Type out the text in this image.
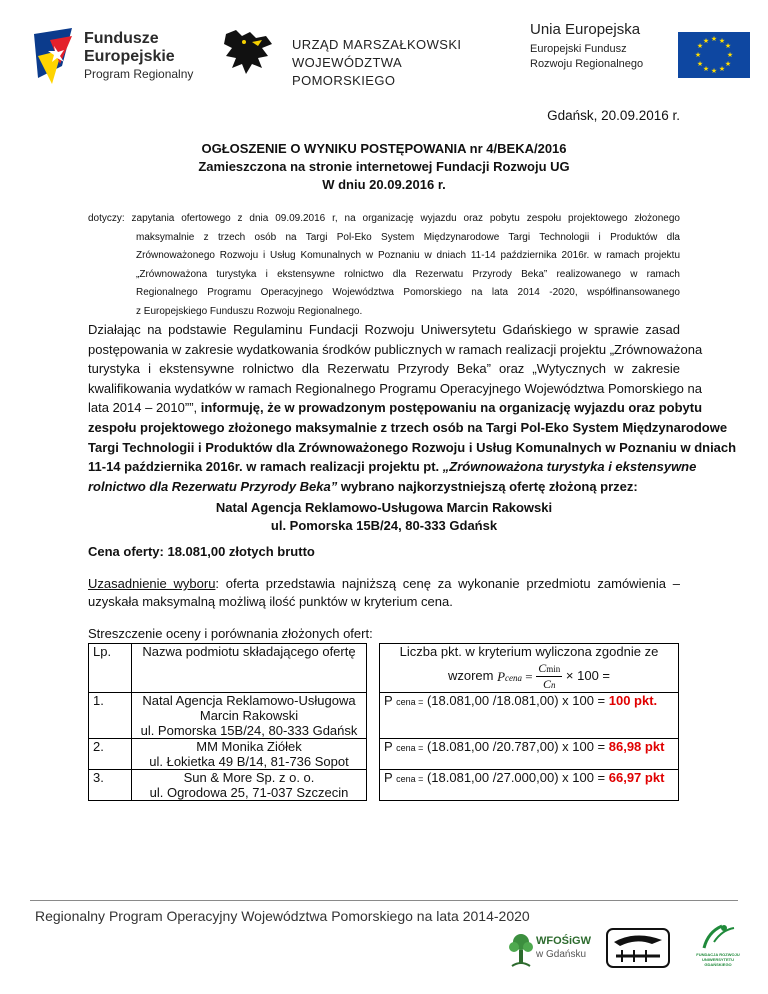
Fundusze
Europejskie
Program Regionalny
URZĄD MARSZAŁKOWSKI
WOJEWÓDZTWA POMORSKIEGO
Unia Europejska
Europejski Fundusz
Rozwoju Regionalnego
★ ★
★
★
★
★
★
★
★
★
★
★
Gdańsk, 20.09.2016 r.
OGŁOSZENIE O WYNIKU POSTĘPOWANIA nr 4/BEKA/2016
Zamieszczona na stronie internetowej Fundacji Rozwoju UG
W dniu 20.09.2016 r.
dotyczy: zapytania ofertowego z dnia 09.09.2016 r, na organizację wyjazdu oraz pobytu zespołu projektowego złożonego
maksymalnie z trzech osób na Targi Pol-Eko System Międzynarodowe Targi Technologii i Produktów dla
Zrównoważonego Rozwoju i Usług Komunalnych w Poznaniu w dniach 11-14 października 2016r. w ramach projektu
„Zrównoważona turystyka i ekstensywne rolnictwo dla Rezerwatu Przyrody Beka” realizowanego w ramach
Regionalnego Programu Operacyjnego Województwa Pomorskiego na lata 2014 -2020, współfinansowanego
z Europejskiego Funduszu Rozwoju Regionalnego.
Działając na podstawie Regulaminu Fundacji Rozwoju Uniwersytetu Gdańskiego w sprawie zasad
postępowania w zakresie wydatkowania środków publicznych w ramach realizacji projektu „Zrównoważona
turystyka i ekstensywne rolnictwo dla Rezerwatu Przyrody Beka” oraz „Wytycznych w zakresie
kwalifikowania wydatków w ramach Regionalnego Programu Operacyjnego Województwa Pomorskiego na
lata 2014 – 2010””, informuję, że w prowadzonym postępowaniu na organizację wyjazdu oraz pobytu
zespołu projektowego złożonego maksymalnie z trzech osób na Targi Pol-Eko System Międzynarodowe
Targi Technologii i Produktów dla Zrównoważonego Rozwoju i Usług Komunalnych w Poznaniu w dniach
11-14 października 2016r. w ramach realizacji projektu pt. „Zrównoważona turystyka i ekstensywne
rolnictwo dla Rezerwatu Przyrody Beka” wybrano najkorzystniejszą ofertę złożoną przez:
Natal Agencja Reklamowo-Usługowa Marcin Rakowski
ul. Pomorska 15B/24, 80-333 Gdańsk
Cena oferty: 18.081,00 złotych brutto
Uzasadnienie wyboru: oferta przedstawia najniższą cenę za wykonanie przedmiotu zamówienia –
uzyskała maksymalną możliwą ilość punktów w kryterium cena.
Streszczenie oceny i porównania złożonych ofert:
Lp.	Nazwa podmiotu składającego ofertę		Liczba pkt. w kryterium wyliczona zgodnie ze
wzorem Pcena = $\frac{Cmin}{Cn} \times 100$ =

1.	Natal Agencja Reklamowo-Usługowa
Marcin Rakowski
ul. Pomorska 15B/24, 80-333 Gdańsk		P cena = (18.081,00 /18.081,00) x 100 = 100 pkt.
2.	MM Monika Ziółek
ul. Łokietka 49 B/14, 81-736 Sopot		P cena = (18.081,00 /20.787,00) x 100 = 86,98 pkt
3.	Sun & More Sp. z o. o.
ul. Ogrodowa 25, 71-037 Szczecin		P cena = (18.081,00 /27.000,00) x 100 = 66,97 pkt
Regionalny Program Operacyjny Województwa Pomorskiego na lata 2014-2020
WFOŚiGW
w Gdańsku	FUNDACJA ROZWOJU UNIWERSYTETU GDAŃSKIEGO
